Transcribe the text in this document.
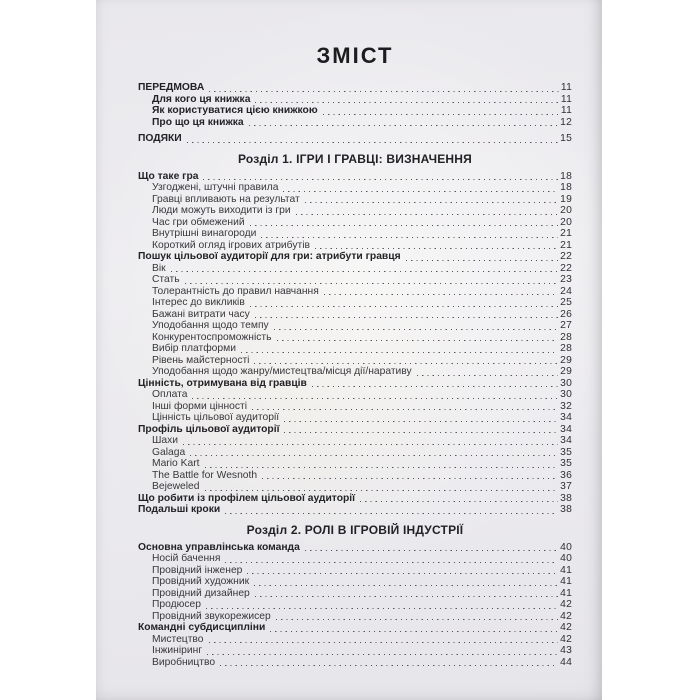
ЗМІСТ
ПЕРЕДМОВА	11
Для кого ця книжка	11
Як користуватися цією книжкою	11
Про що ця книжка	12
ПОДЯКИ	15
Розділ 1. ІГРИ І ГРАВЦІ: ВИЗНАЧЕННЯ
Що таке гра	18
Узгоджені, штучні правила	18
Гравці впливають на результат	19
Люди можуть виходити із гри	20
Час гри обмежений	20
Внутрішні винагороди	21
Короткий огляд ігрових атрибутів	21
Пошук цільової аудиторії для гри: атрибути гравця	22
Вік	22
Стать	23
Толерантність до правил навчання	24
Інтерес до викликів	25
Бажані витрати часу	26
Уподобання щодо темпу	27
Конкурентоспроможність	28
Вибір платформи	28
Рівень майстерності	29
Уподобання щодо жанру/мистецтва/місця дії/наративу	29
Цінність, отримувана від гравців	30
Оплата	30
Інші форми цінності	32
Цінність цільової аудиторії	34
Профіль цільової аудиторії	34
Шахи	34
Galaga	35
Mario Kart	35
The Battle for Wesnoth	36
Bejeweled	37
Що робити із профілем цільової аудиторії	38
Подальші кроки	38
Розділ 2. РОЛІ В ІГРОВІЙ ІНДУСТРІЇ
Основна управлінська команда	40
Носій бачення	40
Провідний інженер	41
Провідний художник	41
Провідний дизайнер	41
Продюсер	42
Провідний звукорежисер	42
Командні субдисципліни	42
Мистецтво	42
Інжиніринг	43
Виробництво	44
